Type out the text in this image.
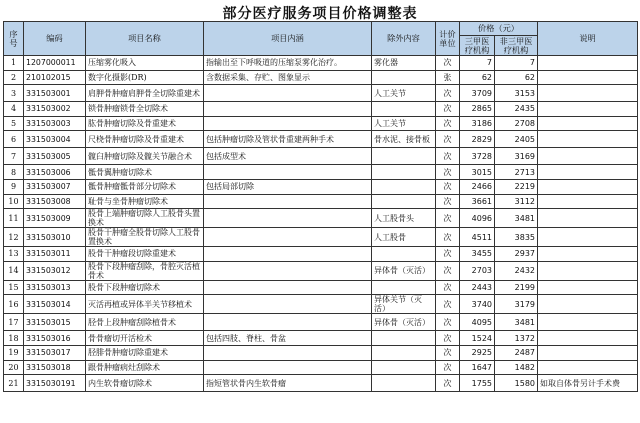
部分医疗服务项目价格调整表
序号	编码	项目名称	项目内涵	除外内容	计价单位	价格（元）		说明
						三甲医疗机构	非三甲医疗机构	
1	1207000011	压缩雾化吸入	指输出至下呼吸道的压缩泵雾化治疗。	雾化器	次	7	7	
2	210102015	数字化摄影(DR)	含数据采集、存贮、图象显示		张	62	62	
3	331503001	肩胛骨肿瘤肩胛骨全切除重建术		人工关节	次	3709	3153	
4	331503002	锁骨肿瘤锁骨全切除术			次	2865	2435	
5	331503003	肱骨肿瘤切除及骨重建术		人工关节	次	3186	2708	
6	331503004	尺桡骨肿瘤切除及骨重建术	包括肿瘤切除及管状骨重建两种手术	骨水泥、接骨板	次	2829	2405	
7	331503005	髋臼肿瘤切除及髋关节融合术	包括成型术		次	3728	3169	
8	331503006	骶骨翼肿瘤切除术			次	3015	2713	
9	331503007	骶骨肿瘤骶骨部分切除术	包括局部切除		次	2466	2219	
10	331503008	耻骨与坐骨肿瘤切除术			次	3661	3112	
11	331503009	股骨上端肿瘤切除人工股骨头置换术		人工股骨头	次	4096	3481	
12	331503010	股骨干肿瘤全股骨切除人工股骨置换术		人工股骨	次	4511	3835	
13	331503011	股骨干肿瘤段切除重建术			次	3455	2937	
14	331503012	股骨下段肿瘤刮除，骨腔灭活植骨术		异体骨（灭活）	次	2703	2432	
15	331503013	股骨下段肿瘤切除术			次	2443	2199	
16	331503014	灭活再植或异体半关节移植术		异体关节（灭活）	次	3740	3179	
17	331503015	胫骨上段肿瘤刮除植骨术		异体骨（灭活）	次	4095	3481	
18	331503016	骨骨瘤切开活检术	包括四肢、脊柱、骨盆		次	1524	1372	
19	331503017	胫腓骨肿瘤切除重建术			次	2925	2487	
20	331503018	跟骨肿瘤病灶刮除术			次	1647	1482	
21	3315030191	内生软骨瘤切除术	指短管状骨内生软骨瘤		次	1755	1580	如取自体骨另计手术费
